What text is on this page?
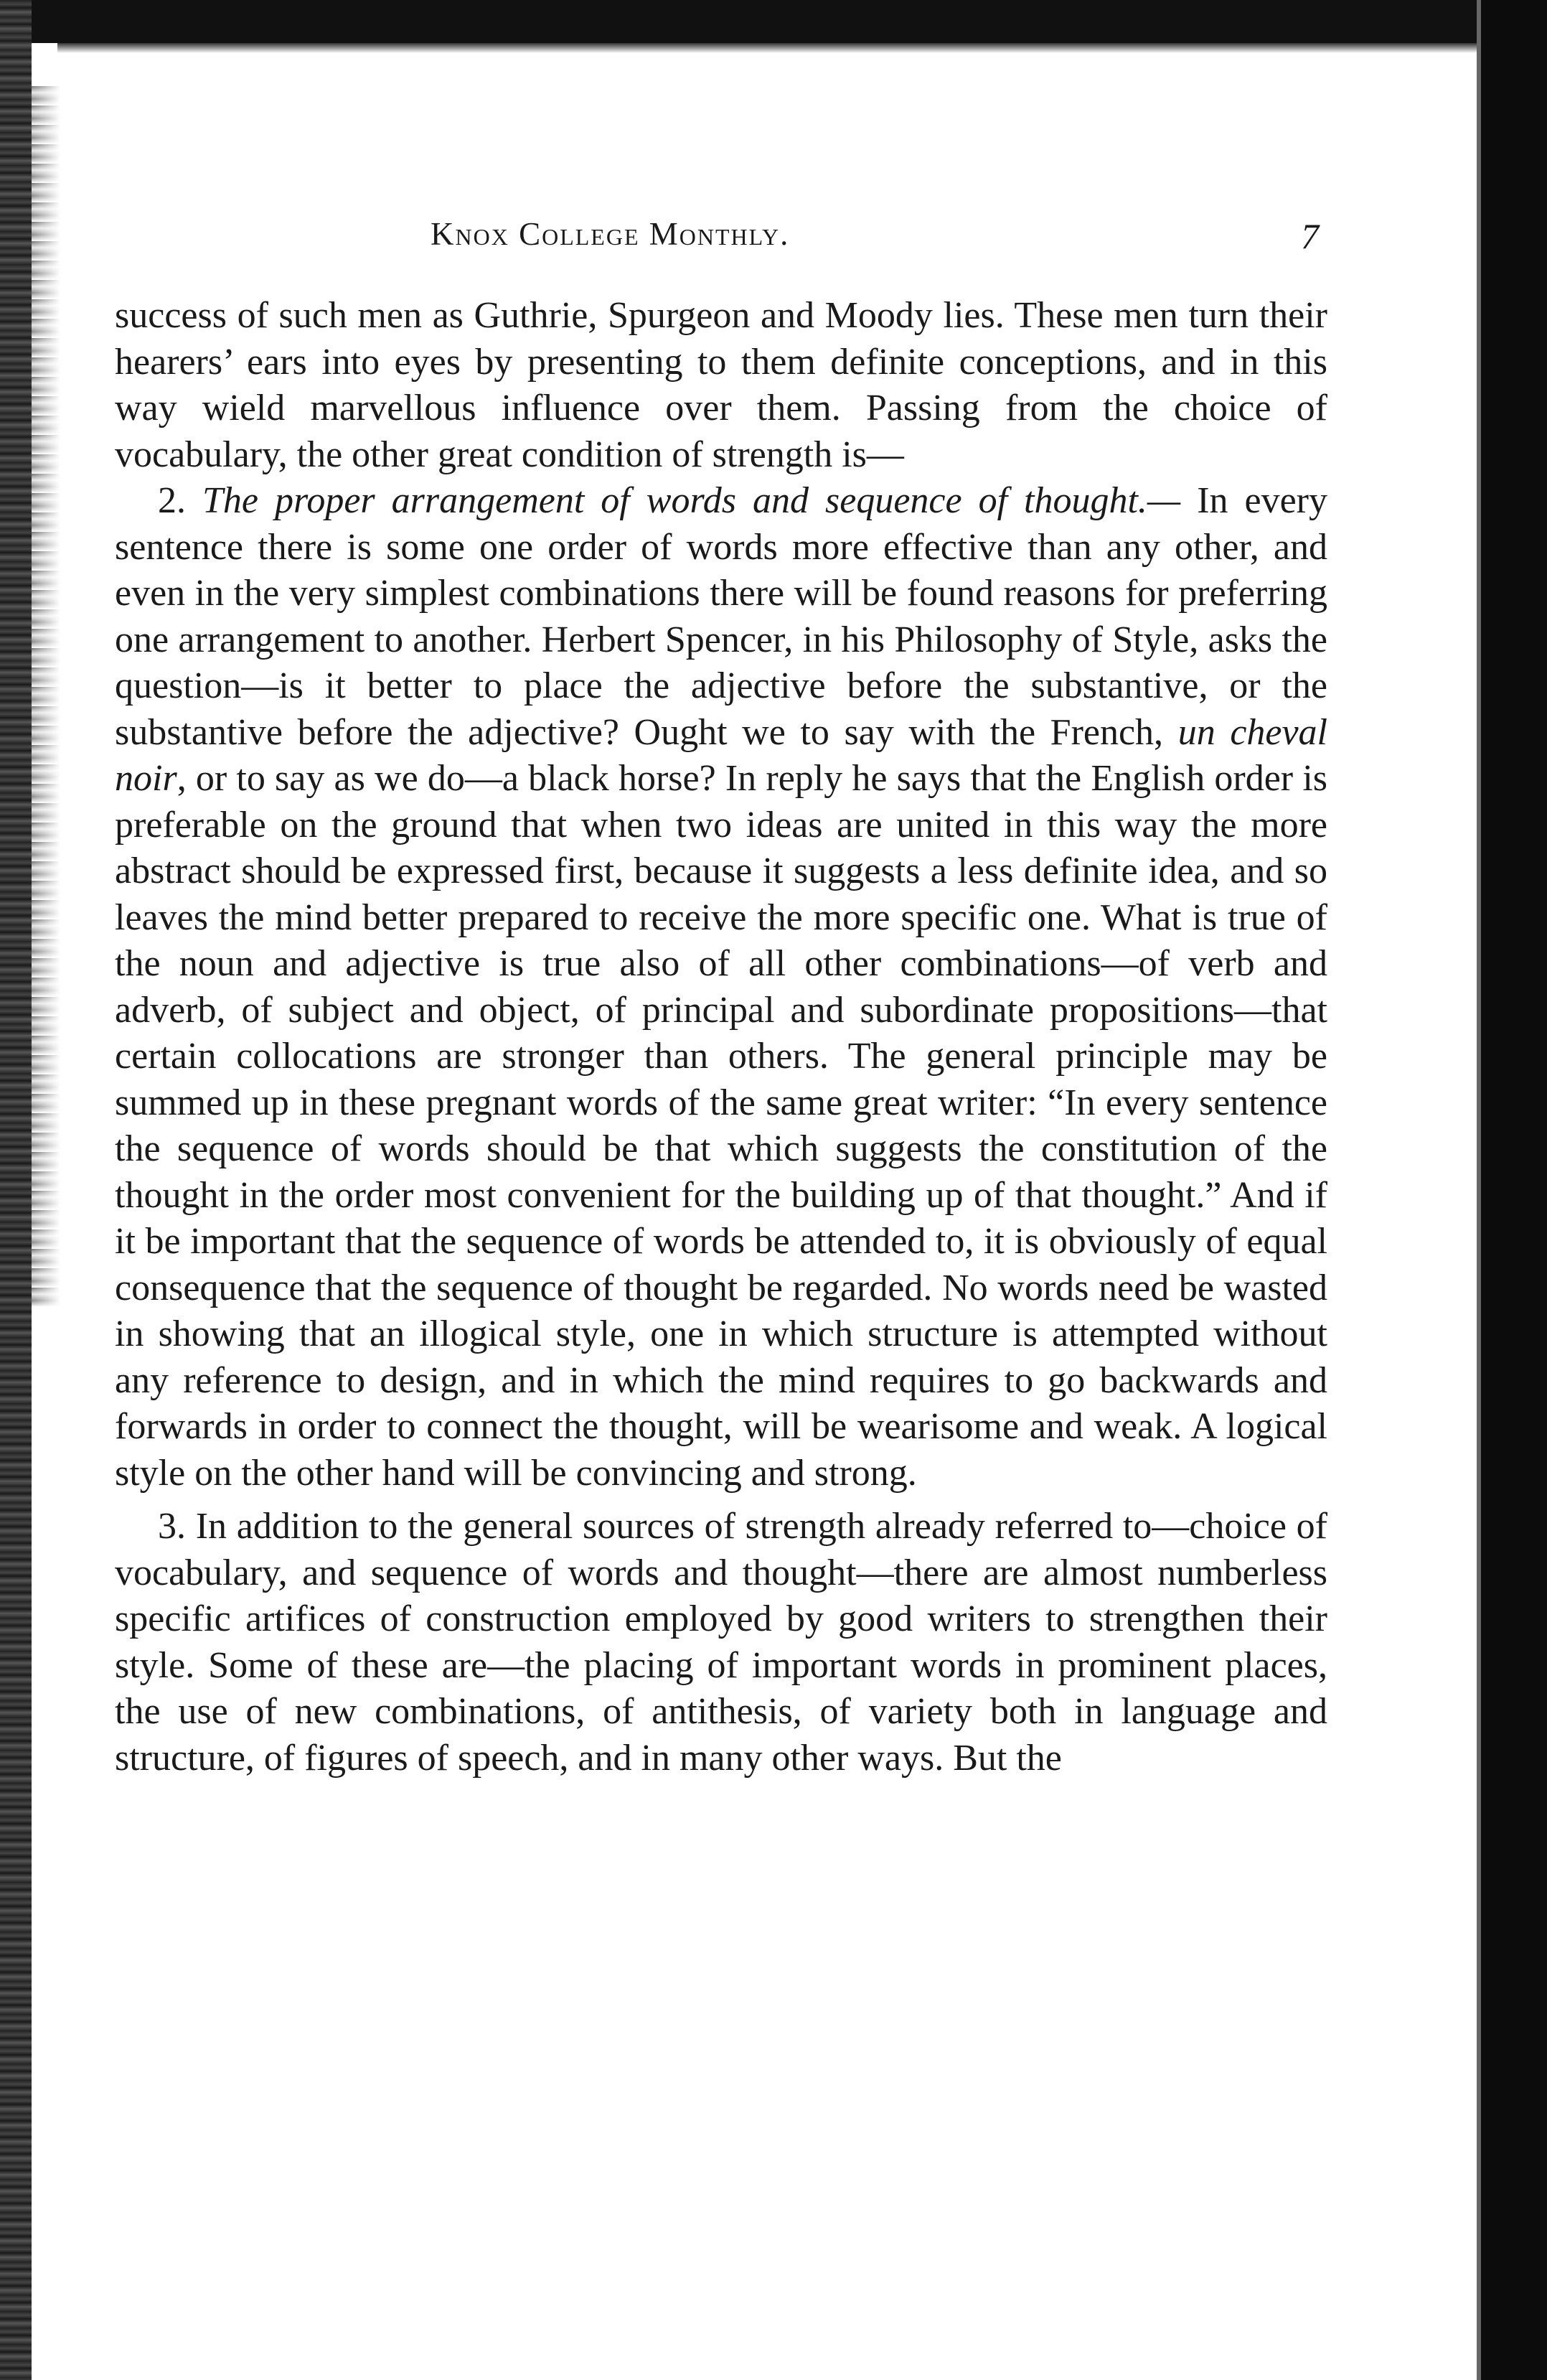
Knox College Monthly.	7

success of such men as Guthrie, Spurgeon and Moody lies. These men turn their hearers’ ears into eyes by presenting to them definite conceptions, and in this way wield marvellous influence over them. Passing from the choice of vocabulary, the other great condition of strength is—

2. The proper arrangement of words and sequence of thought.— In every sentence there is some one order of words more effective than any other, and even in the very simplest combinations there will be found reasons for preferring one arrangement to another. Herbert Spencer, in his Philosophy of Style, asks the question—is it better to place the adjective before the substantive, or the substantive before the adjective? Ought we to say with the French, un cheval noir, or to say as we do—a black horse? In reply he says that the English order is preferable on the ground that when two ideas are united in this way the more abstract should be expressed first, because it suggests a less definite idea, and so leaves the mind better prepared to receive the more specific one. What is true of the noun and adjective is true also of all other combinations—of verb and adverb, of subject and object, of principal and subordinate propositions—that certain collocations are stronger than others. The general principle may be summed up in these pregnant words of the same great writer: “In every sentence the sequence of words should be that which suggests the constitution of the thought in the order most convenient for the building up of that thought.” And if it be important that the sequence of words be attended to, it is obviously of equal consequence that the sequence of thought be regarded. No words need be wasted in showing that an illogical style, one in which structure is attempted without any reference to design, and in which the mind requires to go backwards and forwards in order to connect the thought, will be wearisome and weak. A logical style on the other hand will be convincing and strong.

3. In addition to the general sources of strength already referred to—choice of vocabulary, and sequence of words and thought—there are almost numberless specific artifices of construction employed by good writers to strengthen their style. Some of these are—the placing of important words in prominent places, the use of new combinations, of antithesis, of variety both in language and structure, of figures of speech, and in many other ways. But the
